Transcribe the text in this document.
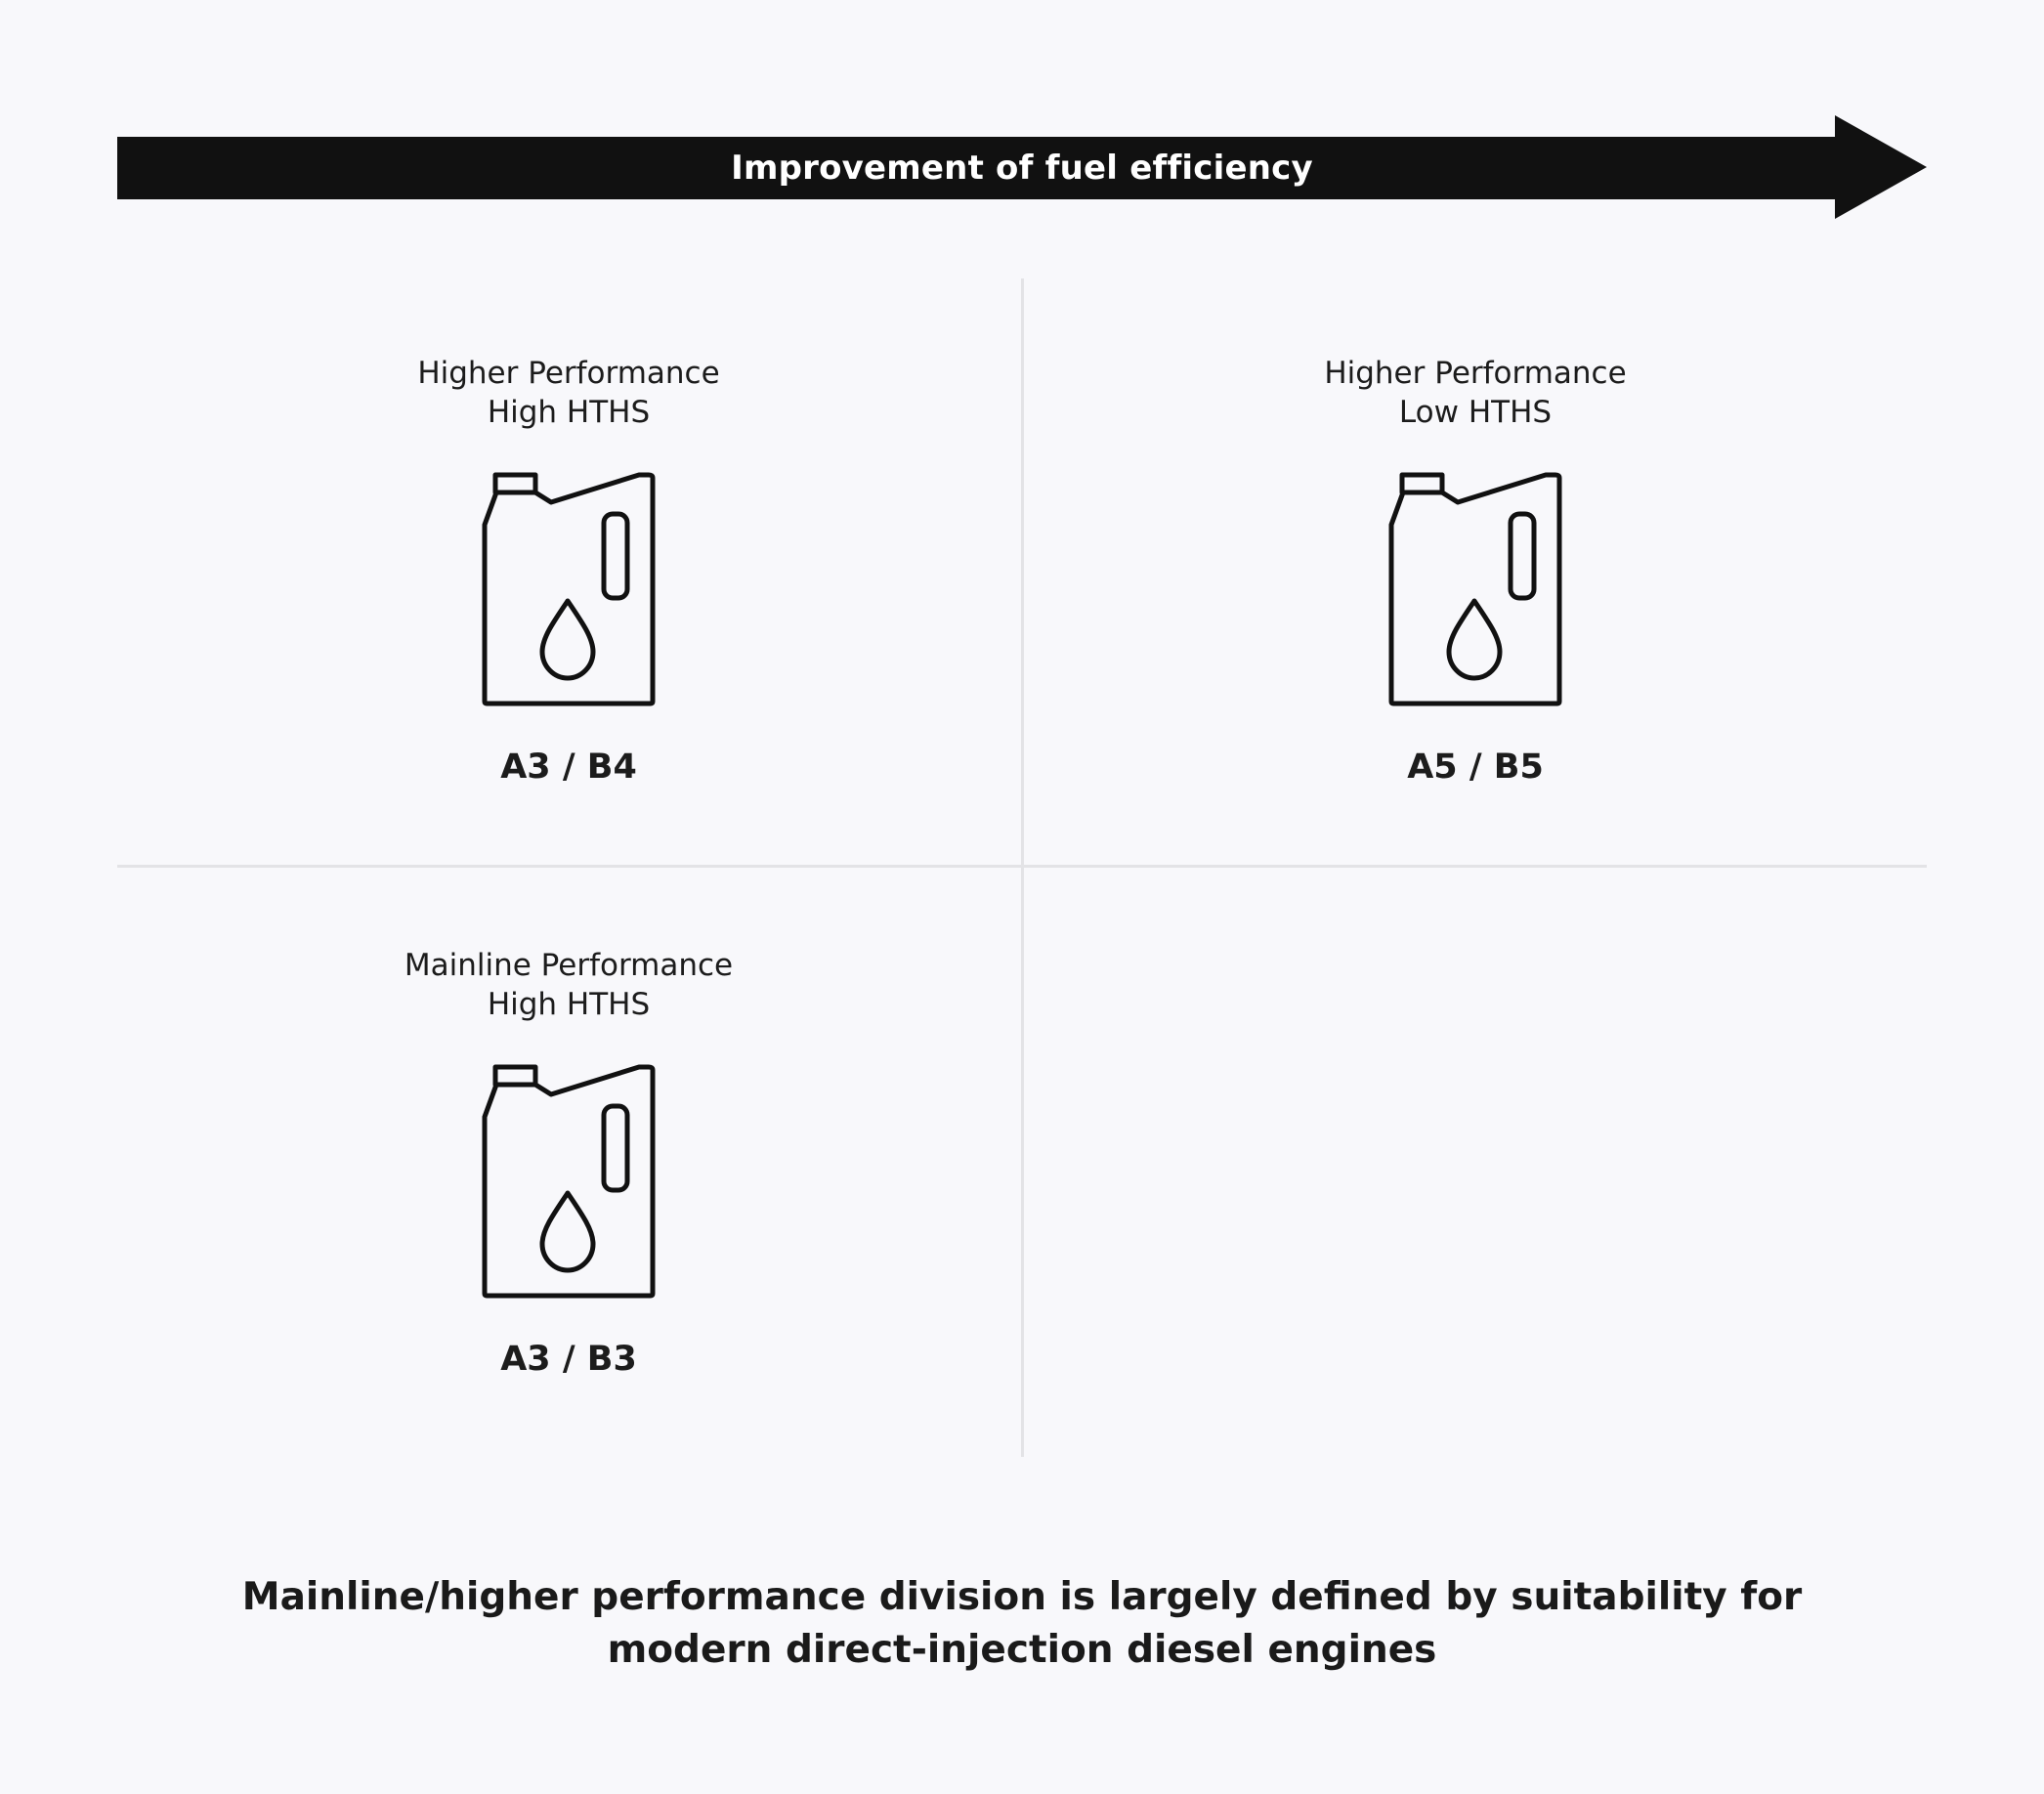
Improvement of fuel efficiency
Higher Performance
High HTHS
A3 / B4
Higher Performance
Low HTHS
A5 / B5
Mainline Performance
High HTHS
A3 / B3
Mainline/higher performance division is largely defined by suitability for
modern direct-injection diesel engines
